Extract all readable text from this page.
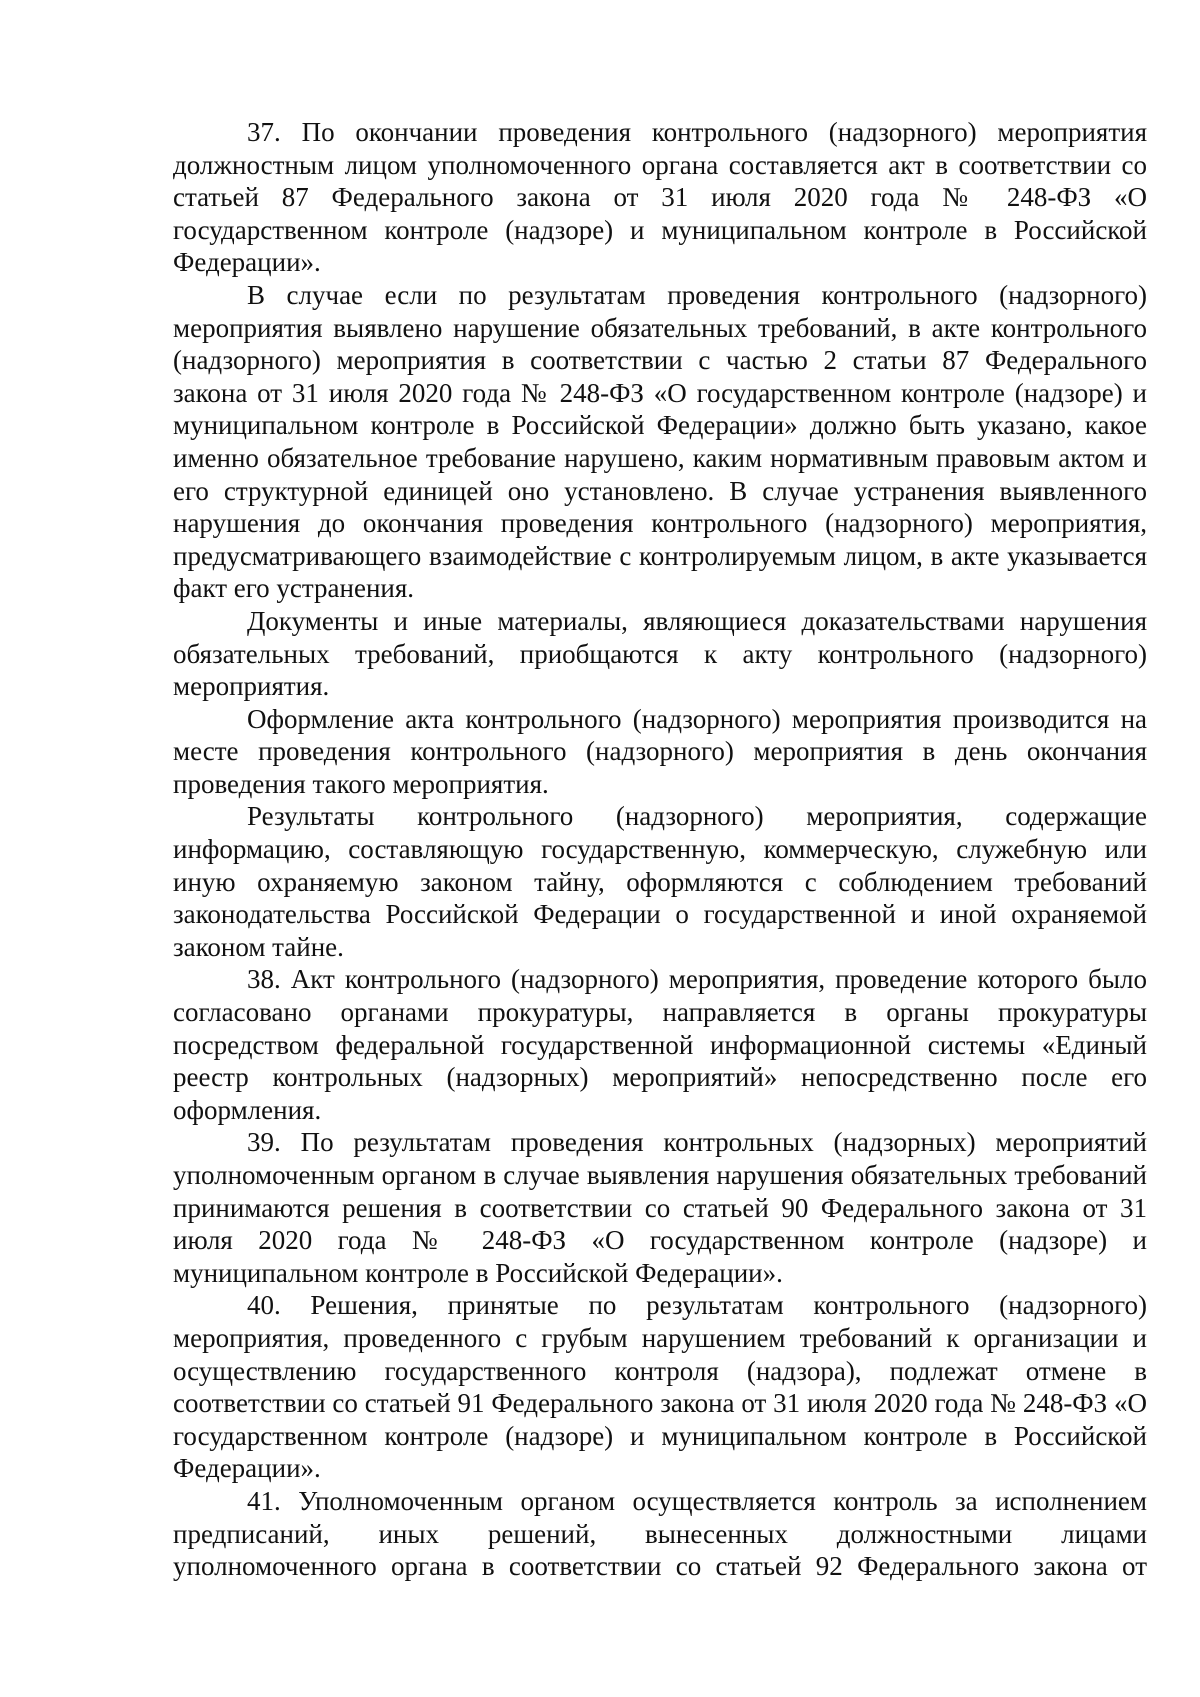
37. По окончании проведения контрольного (надзорного) мероприятия должностным лицом уполномоченного органа составляется акт в соответствии со статьей 87 Федерального закона от 31 июля 2020 года № 248-ФЗ «О государственном контроле (надзоре) и муниципальном контроле в Российской Федерации».

В случае если по результатам проведения контрольного (надзорного) мероприятия выявлено нарушение обязательных требований, в акте контрольного (надзорного) мероприятия в соответствии с частью 2 статьи 87 Федерального закона от 31 июля 2020 года № 248-ФЗ «О государственном контроле (надзоре) и муниципальном контроле в Российской Федерации» должно быть указано, какое именно обязательное требование нарушено, каким нормативным правовым актом и его структурной единицей оно установлено. В случае устранения выявленного нарушения до окончания проведения контрольного (надзорного) мероприятия, предусматривающего взаимодействие с контролируемым лицом, в акте указывается факт его устранения.

Документы и иные материалы, являющиеся доказательствами нарушения обязательных требований, приобщаются к акту контрольного (надзорного) мероприятия.

Оформление акта контрольного (надзорного) мероприятия производится на месте проведения контрольного (надзорного) мероприятия в день окончания проведения такого мероприятия.

Результаты контрольного (надзорного) мероприятия, содержащие информацию, составляющую государственную, коммерческую, служебную или иную охраняемую законом тайну, оформляются с соблюдением требований законодательства Российской Федерации о государственной и иной охраняемой законом тайне.

38. Акт контрольного (надзорного) мероприятия, проведение которого было согласовано органами прокуратуры, направляется в органы прокуратуры посредством федеральной государственной информационной системы «Единый реестр контрольных (надзорных) мероприятий» непосредственно после его оформления.

39. По результатам проведения контрольных (надзорных) мероприятий уполномоченным органом в случае выявления нарушения обязательных требований принимаются решения в соответствии со статьей 90 Федерального закона от 31 июля 2020 года № 248-ФЗ «О государственном контроле (надзоре) и муниципальном контроле в Российской Федерации».

40. Решения, принятые по результатам контрольного (надзорного) мероприятия, проведенного с грубым нарушением требований к организации и осуществлению государственного контроля (надзора), подлежат отмене в соответствии со статьей 91 Федерального закона от 31 июля 2020 года № 248-ФЗ «О государственном контроле (надзоре) и муниципальном контроле в Российской Федерации».

41. Уполномоченным органом осуществляется контроль за исполнением предписаний, иных решений, вынесенных должностными лицами уполномоченного органа в соответствии со статьей 92 Федерального закона от
